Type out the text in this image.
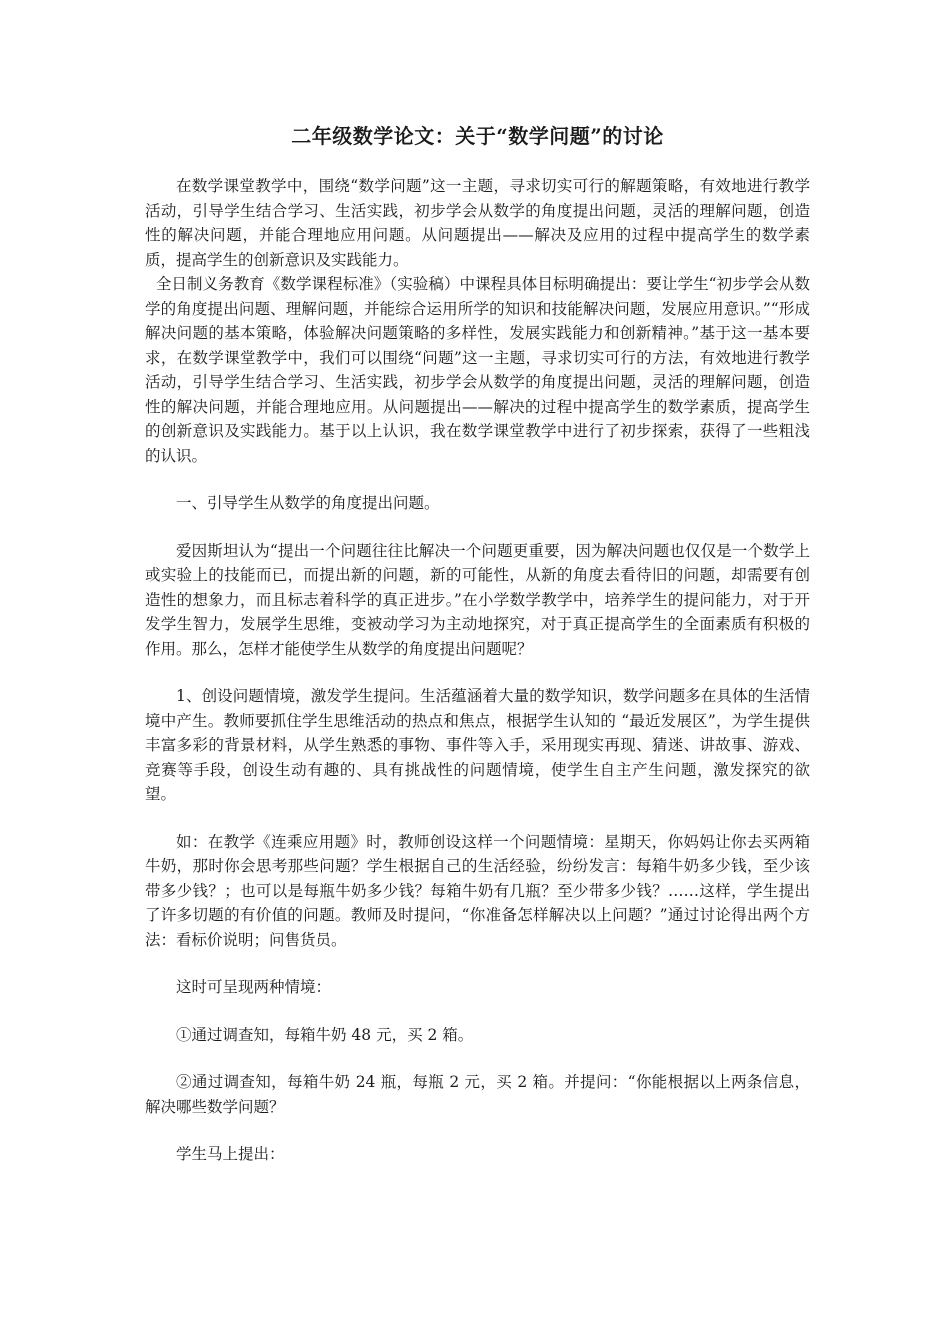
二年级数学论文：关于“数学问题”的讨论

在数学课堂教学中，围绕“数学问题”这一主题，寻求切实可行的解题策略，有效地进行教学活动，引导学生结合学习、生活实践，初步学会从数学的角度提出问题，灵活的理解问题，创造性的解决问题，并能合理地应用问题。从问题提出——解决及应用的过程中提高学生的数学素质，提高学生的创新意识及实践能力。

全日制义务教育《数学课程标准》（实验稿）中课程具体目标明确提出：要让学生“初步学会从数学的角度提出问题、理解问题，并能综合运用所学的知识和技能解决问题，发展应用意识。”“形成解决问题的基本策略，体验解决问题策略的多样性，发展实践能力和创新精神。”基于这一基本要求，在数学课堂教学中，我们可以围绕“问题”这一主题，寻求切实可行的方法，有效地进行教学活动，引导学生结合学习、生活实践，初步学会从数学的角度提出问题，灵活的理解问题，创造性的解决问题，并能合理地应用。从问题提出——解决的过程中提高学生的数学素质，提高学生的创新意识及实践能力。基于以上认识，我在数学课堂教学中进行了初步探索，获得了一些粗浅的认识。

一、引导学生从数学的角度提出问题。

爱因斯坦认为“提出一个问题往往比解决一个问题更重要，因为解决问题也仅仅是一个数学上或实验上的技能而已，而提出新的问题，新的可能性，从新的角度去看待旧的问题，却需要有创造性的想象力，而且标志着科学的真正进步。”在小学数学教学中，培养学生的提问能力，对于开发学生智力，发展学生思维，变被动学习为主动地探究，对于真正提高学生的全面素质有积极的作用。那么，怎样才能使学生从数学的角度提出问题呢？

1、创设问题情境，激发学生提问。生活蕴涵着大量的数学知识，数学问题多在具体的生活情境中产生。教师要抓住学生思维活动的热点和焦点，根据学生认知的 “最近发展区”，为学生提供丰富多彩的背景材料，从学生熟悉的事物、事件等入手，采用现实再现、猜迷、讲故事、游戏、竞赛等手段，创设生动有趣的、具有挑战性的问题情境，使学生自主产生问题，激发探究的欲望。

如：在教学《连乘应用题》时，教师创设这样一个问题情境：星期天，你妈妈让你去买两箱牛奶，那时你会思考那些问题？学生根据自己的生活经验，纷纷发言：每箱牛奶多少钱，至少该带多少钱？；也可以是每瓶牛奶多少钱？每箱牛奶有几瓶？至少带多少钱？……这样，学生提出了许多切题的有价值的问题。教师及时提问，“你准备怎样解决以上问题？”通过讨论得出两个方法：看标价说明；问售货员。

这时可呈现两种情境：

①通过调查知，每箱牛奶 48 元，买 2 箱。

②通过调查知，每箱牛奶 24 瓶，每瓶 2 元，买 2 箱。并提问：“你能根据以上两条信息，解决哪些数学问题？

学生马上提出：
